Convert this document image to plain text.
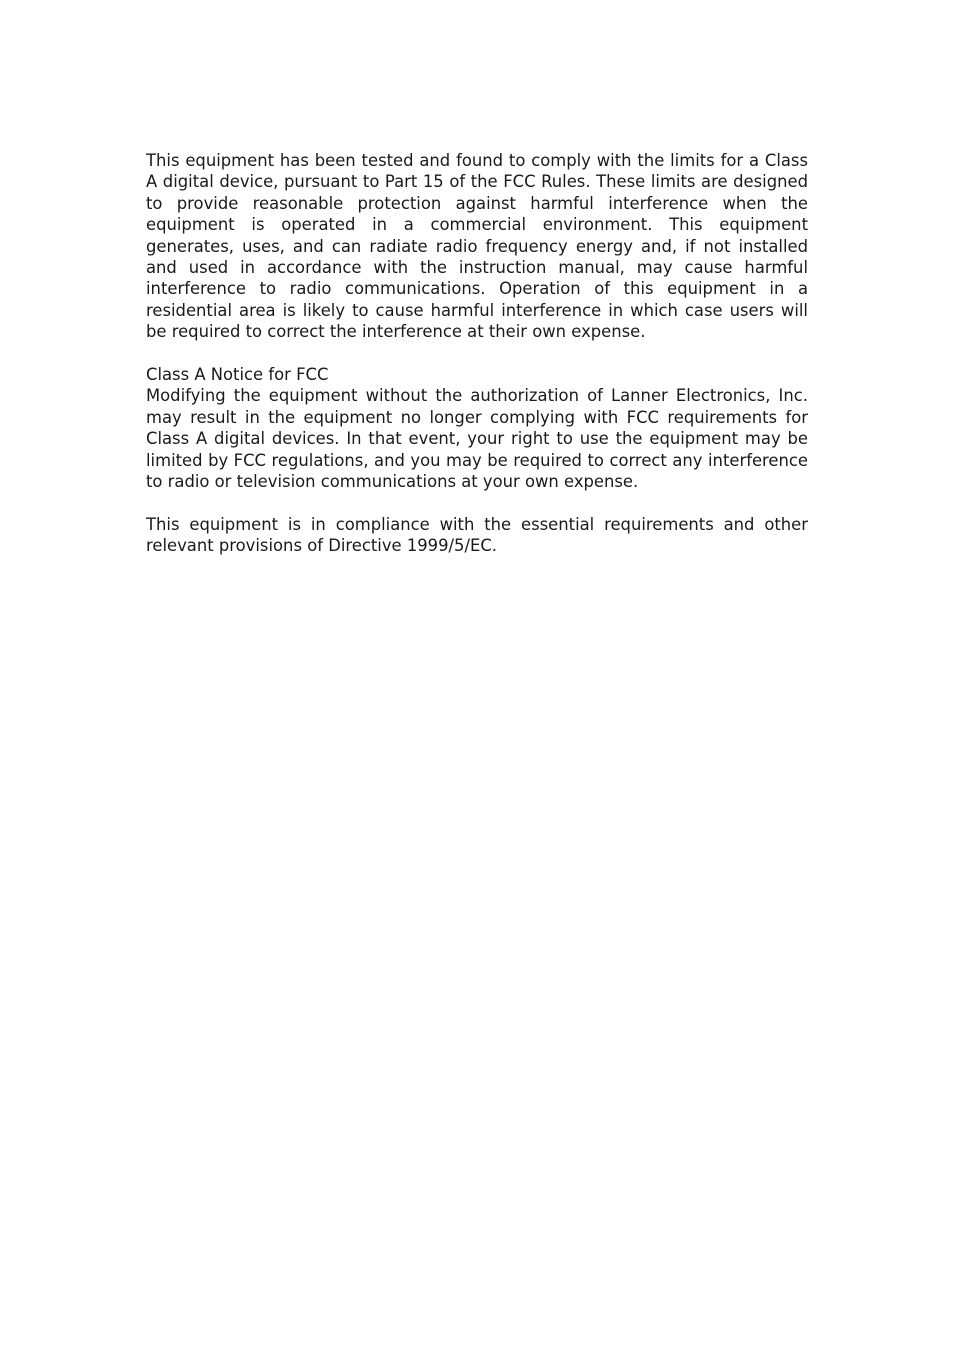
This equipment has been tested and found to comply with the limits for a Class A digital device, pursuant to Part 15 of the FCC Rules. These limits are designed to provide reasonable protection against harmful interference when the equipment is operated in a commercial environment. This equipment generates, uses, and can radiate radio frequency energy and, if not installed and used in accordance with the instruction manual, may cause harmful interference to radio communications. Operation of this equipment in a residential area is likely to cause harmful interference in which case users will be required to correct the interference at their own expense.

Class A Notice for FCC

Modifying the equipment without the authorization of Lanner Electronics, Inc. may result in the equipment no longer complying with FCC requirements for Class A digital devices. In that event, your right to use the equipment may be limited by FCC regulations, and you may be required to correct any interference to radio or television communications at your own expense.

This equipment is in compliance with the essential requirements and other relevant provisions of Directive 1999/5/EC.
